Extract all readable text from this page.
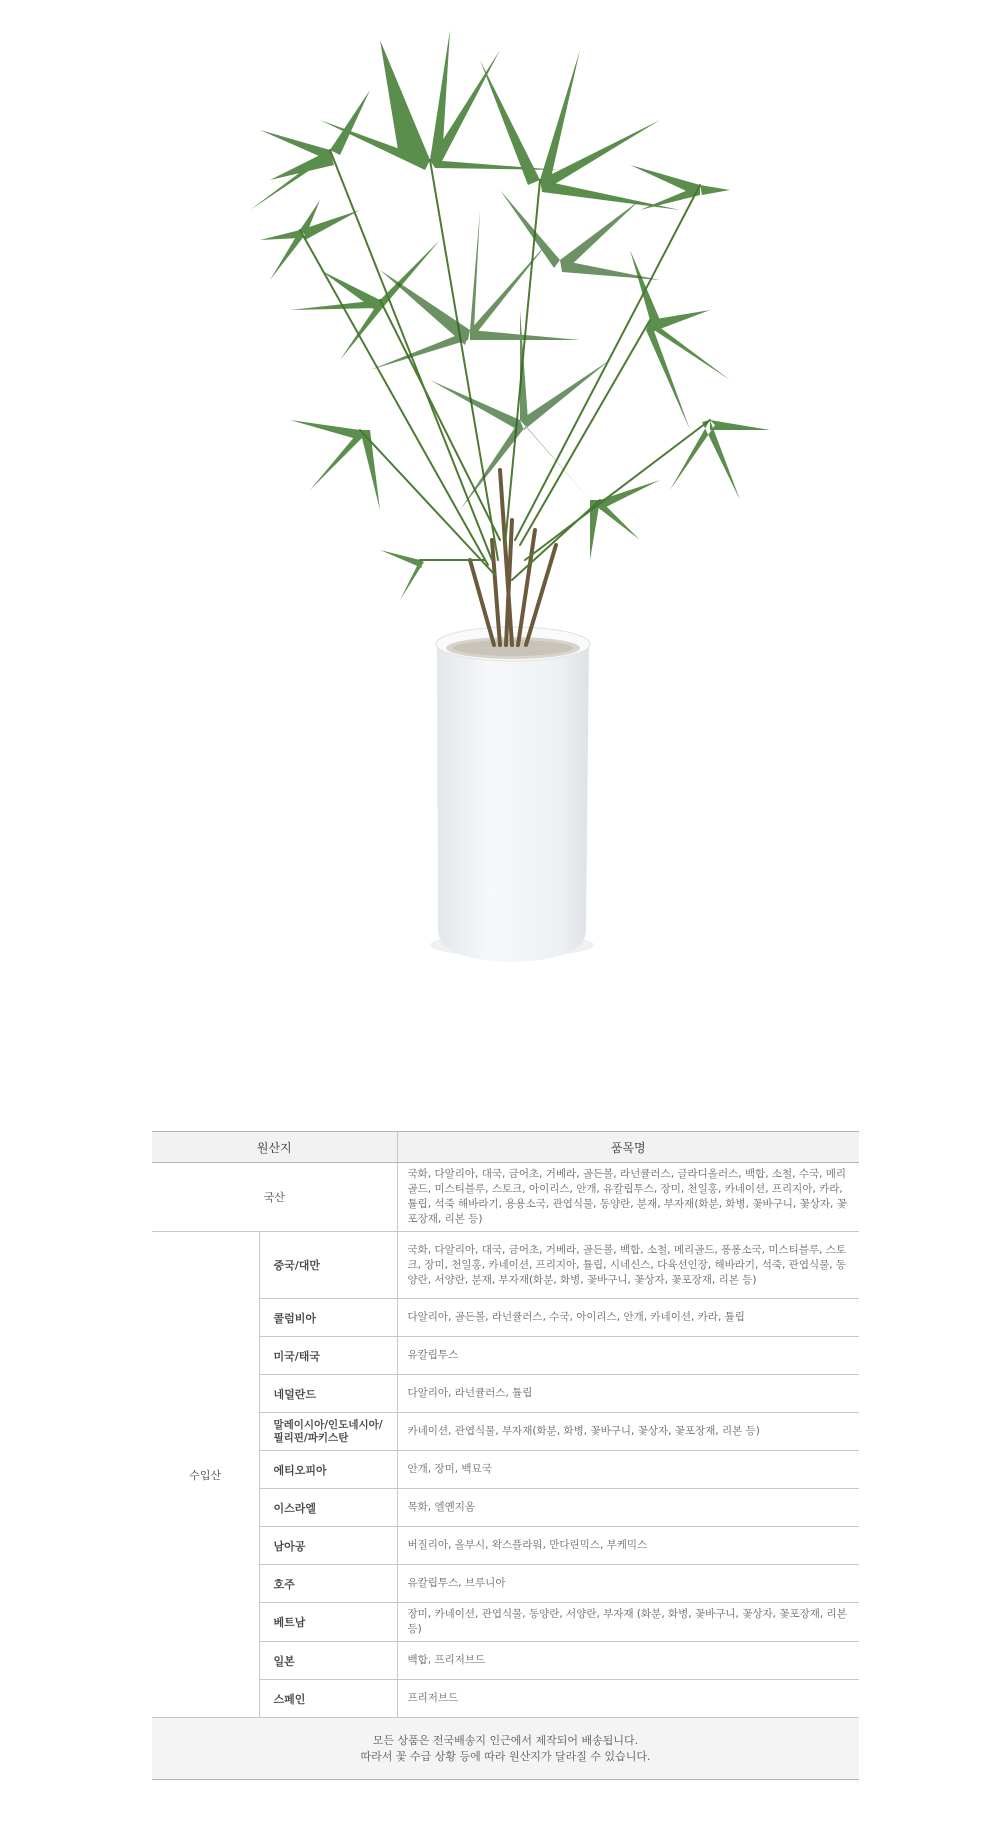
원산지		품목명
국산		국화, 다알리아, 대국, 금어초, 거베라, 골든볼, 라넌큘러스, 글라디올러스, 백합, 소철, 수국, 메리골드, 미스티블루, 스토크, 아이리스, 안개, 유칼립투스, 장미, 천일홍, 카네이션, 프리지아, 카라, 튤립, 석죽 해바라기, 용용소국, 관엽식물, 동양란, 분재, 부자재(화분, 화병, 꽃바구니, 꽃상자, 꽃포장재, 리본 등)
수입산	중국/대만	국화, 다알리아, 대국, 금어초, 거베라, 골든볼, 백합, 소철, 메리골드, 퐁퐁소국, 미스티블루, 스토크, 장미, 천일홍, 카네이션, 프리지아, 튤립, 시네신스, 다육선인장, 해바라기, 석죽, 관엽식물, 동양란, 서양란, 분재, 부자재(화분, 화병, 꽃바구니, 꽃상자, 꽃포장재, 리본 등)
	콜럼비아	다알리아, 골든볼, 라넌큘러스, 수국, 아이리스, 안개, 카네이션, 카라, 튤립
	미국/태국	유칼립투스
	네덜란드	다알리아, 라넌큘러스, 튤립
	말레이시아/인도네시아/ 필리핀/파키스탄	카네이션, 관엽식물, 부자재(화분, 화병, 꽃바구니, 꽃상자, 꽃포장재, 리본 등)
	에티오피아	안개, 장미, 백묘국
	이스라엘	목화, 엘옌지옴
	남아공	버질리아, 올부시, 왁스플라워, 만다린믹스, 부케믹스
	호주	유칼립투스, 브루니아
	베트남	장미, 카네이션, 관엽식물, 동양란, 서양란, 부자재 (화분, 화병, 꽃바구니, 꽃상자, 꽃포장재, 리본 등)
	일본	백합, 프리저브드
	스페인	프리저브드

모든 상품은 전국배송지 인근에서 제작되어 배송됩니다.
따라서 꽃 수급 상황 등에 따라 원산지가 달라질 수 있습니다.		
